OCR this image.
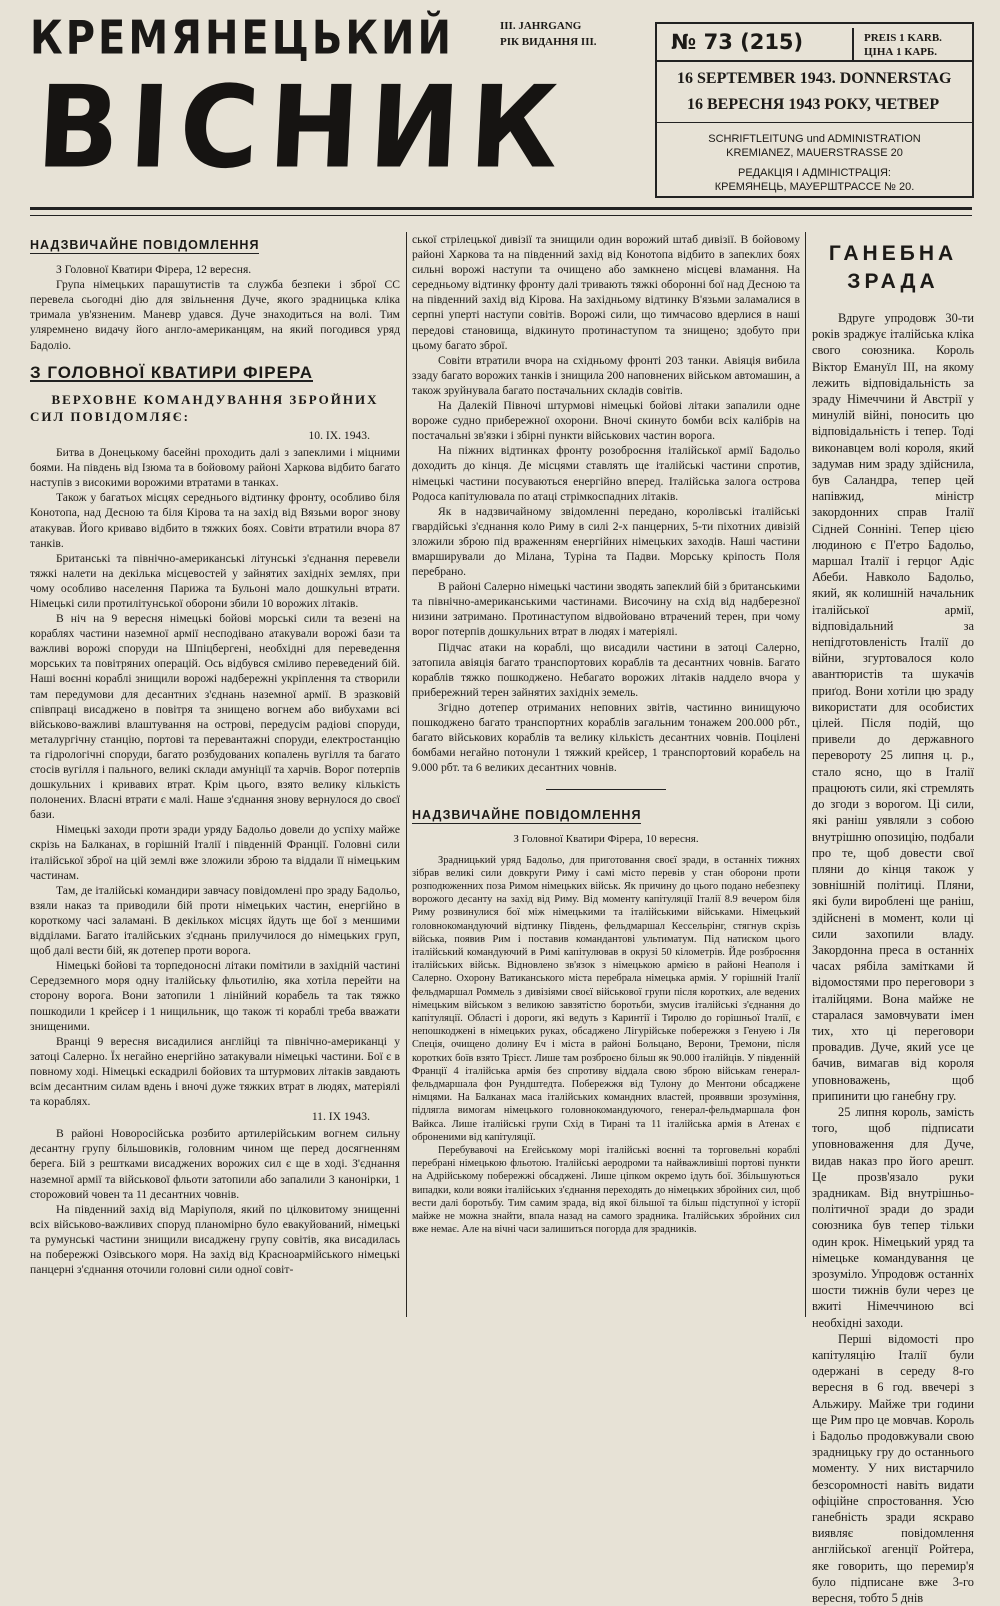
КРЕМЯНЕЦЬКИЙ
ВІСНИК
III. JAHRGANG
РІК ВИДАННЯ III.	№ 73 (215)	PREIS 1 KARB.
ЦІНА 1 КАРБ.
16 SEPTEMBER 1943. DONNERSTAG
16 ВЕРЕСНЯ 1943 РОКУ, ЧЕТВЕР
SCHRIFTLEITUNG und ADMINISTRATION
KREMIANEZ, MAUERSTRASSE 20
РЕДАКЦІЯ І АДМІНІСТРАЦІЯ:
КРЕМЯНЕЦЬ, МАУЕРШТРАССЕ № 20.
НАДЗВИЧАЙНЕ ПОВІДОМЛЕННЯ

З Головної Кватири Фірера, 12 вересня.

Група німецьких парашутистів та служба безпеки і зброї СС перевела сьогодні дію для звільнення Дуче, якого зрадницька кліка тримала ув'язненим. Маневр удався. Дуче знаходиться на волі. Тим уляремнено видачу його англо-американцям, на який погодився уряд Бадоліо.

З ГОЛОВНОЇ КВАТИРИ ФІРЕРА
ВЕРХОВНЕ КОМАНДУВАННЯ ЗБРОЙНИХ
СИЛ ПОВІДОМЛЯЄ:
10. IX. 1943.

Битва в Донецькому басейні проходить далі з запеклими і міцними боями. На південь від Ізюма та в бойовому районі Харкова відбито багато наступів з високими ворожими втратами в танках.

Також у багатьох місцях середнього відтинку фронту, особливо біля Конотопа, над Десною та біля Кірова та на захід від Вязьми ворог знову атакував. Його кривавo відбито в тяжких боях. Совіти втратили вчора 87 танків.

Британські та північно-американські літунські з'єднання перевели тяжкі налети на декілька місцевостей у зайнятих західніх землях, при чому особливо населення Парижа та Бульоні мало дошкульні втрати. Німецькі сили протилітунської оборони збили 10 ворожих літаків.

В ніч на 9 вересня німецькі бойові морські сили та везені на кораблях частини наземної армії несподівано атакували ворожі бази та важливі ворожі споруди на Шпіцбергені, необхідні для переведення морських та повітряних операцій. Ось відбувся сміливо переведений бій. Наші воєнні кораблі знищили ворожі надбережні укріплення та створили там передумови для десантних з'єднань наземної армії. В зразковій співпраці висаджено в повітря та знищено вогнем або вибухами всі військово-важливі влаштування на островi, передусім радіові споруди, металургічну станцію, портові та перевантажні споруди, електростанцію та гідрологічні споруди, багато розбудованих копалень вугілля та багато стосів вугілля і пального, великі склади амуніції та харчів. Ворог потерпів дошкульних і кривавих втрат. Крім цього, взято велику кількість полонених. Власні втрати є малі. Наше з'єднання знову вернулося до своєї бази.

Німецькі заходи проти зради уряду Бадольо довели до успіху майже скрізь на Балканах, в горішній Італії і південній Франції. Головні сили італійської зброї на цій землі вже зложили зброю та віддали її німецьким частинам.

Там, де італійські командири завчасу повідомлені про зраду Бадольо, взяли наказ та приводили бій проти німецьких частин, енергійно в короткому часі заламані. В декількох місцях йдуть ще бої з меншими відділами. Багато італійських з'єднань прилучилося до німецьких груп, щоб далі вести бій, як дотепер проти ворога.

Німецькі бойові та торпедоносні літаки помітили в західній частині Середземного моря одну італійську фльотилію, яка хотіла перейти на сторону ворога. Вони затопили 1 лінійний корабель та так тяжко пошкодили 1 крейсер і 1 нищильник, що також ті кораблі треба вважати знищеними.

Вранці 9 вересня висадилися англійці та північно-американці у затоці Салерно. Їх негайно енергійно затакували німецькі частини. Бої є в повному ході. Німецькі ескадрилі бойових та штурмових літаків завдають всім десантним силам вдень і вночі дуже тяжких втрат в людях, матеріялі та кораблях.

11. IX 1943.

В районі Новоросійська розбито артилерійським вогнем сильну десантну групу більшовиків, головним чином ще перед досягненням берега. Бій з рештками висаджених ворожих сил є ще в ході. З'єднання наземної армії та військової фльоти затопили або запалили 3 канонірки, 1 сторожовий човен та 11 десантних човнів.

На південний захід від Маріуполя, який по цілковитому знищенні всіх військово-важливих споруд планомірно було евакуйований, німецькі та румунські частини знищили висаджену групу совітів, яка висадилась на побережжі Озівського моря. На захід від Красноармійського німецькі панцерні з'єднання оточили головні сили одної совіт-

ської стрілецької дивізії та знищили один ворожий штаб дивізії. В бойовому районі Харкова та на південний захід від Конотопа відбито в запеклих боях сильні ворожі наступи та очищено або замкнено місцеві вламання. На середньому відтинку фронту далі тривають тяжкі оборонні бої над Десною та на південний захід від Кірова. На західньому відтинку В'язьми заламалися в серпні уперті наступи совітів. Ворожі сили, що тимчасово вдерлися в наші передові становища, відкинуто протинаступом та знищено; здобуто при цьому багато зброї.

Совіти втратили вчора на східньому фронті 203 танки. Авіяція вибила ззаду багато ворожих танків і знищила 200 наповнених військом автомашин, а також зруйнувала багато постачальних складів совітів.

На Далекій Півночі штурмові німецькі бойові літаки запалили одне вороже судно прибережної охорони. Вночі скинуто бомби всіх калібрів на постачальні зв'язки і збірні пункти військових частин ворога.

На піжних відтинках фронту розоброєння італійської армії Бадольо доходить до кінця. Де місцями ставлять ще італійські частини спротив, німецькі частини посуваються енергійно вперед. Італійська залога острова Родоса капітулювала по атаці стрімкоспадних літаків.

Як в надзвичайному звідомленні передано, королівські італійські гвардійські з'єднання коло Риму в силі 2-х панцерних, 5-ти піхотних дивізій зложили зброю під враженням енергійних німецьких заходів. Наші частини вмарширували до Мілана, Туріна та Падви. Морську кріпость Поля перебрано.

В районі Салерно німецькі частини зводять запеклий бій з британськими та північно-американськими частинами. Височину на схід від надберезної низини затримано. Протинаступом відвойовано втрачений терен, при чому ворог потерпів дошкульних втрат в людях і матеріялі.

Підчас атаки на кораблі, що висадили частини в затоці Салерно, затопила авіяція багато транспортових кораблів та десантних човнів. Багато кораблів тяжко пошкоджено. Небагато ворожих літаків наддело вчора у прибережний терен зайнятих західніх земель.

Згідно дотепер отриманих неповних звітів, частинно винищуючо пошкоджено багато транспортних кораблів загальним тонажем 200.000 рбт., багато військових кораблів та велику кількість десантних човнів. Поцілені бомбами негайно потонули 1 тяжкий крейсер, 1 транспортовий корабель на 9.000 рбт. та 6 великих десантних човнів.

НАДЗВИЧАЙНЕ ПОВІДОМЛЕННЯ
З Головної Кватири Фірера, 10 вересня.

Зрадницький уряд Бадольо, для приготовання своєї зради, в останніх тижнях зібрав великі сили довкруги Риму і самі місто перевів у стан оборони проти розподюженних поза Римом німецьких військ. Як причину до цього подано небезпеку ворожого десанту на захід від Риму. Від моменту капітуляції Італії 8.9 вечером біля Риму розвинулися бої між німецькими та італійськими військами. Німецький головнокомандуючий відтинку Південь, фельдмаршал Кессельрінг, стягнув скрізь війська, появив Рим і поставив командантові ультиматум. Під натиском цього італійський командуючий в Римі капітулював в окрузі 50 кілометрів. Йде розброєння італійських військ. Відновлено зв'язок з німецькою армією в районі Неаполя і Салерно. Охорону Ватиканського міста перебрала німецька армія. У горішній Італії фельдмаршал Роммель з дивізіями своєї військової групи після коротких, але ведених німецьким військом з великою завзятістю боротьби, змусив італійські з'єднання до капітуляції. Області і дороги, які ведуть з Каринтії і Тиролю до горішньої Італії, є непошкоджені в німецьких руках, обсаджено Лігурійське побережжя з Генуею і Ля Спеція, очищено долину Еч і міста в районі Больцано, Верони, Тремони, після коротких боїв взято Трієст. Лише там розброєно більш як 90.000 італійців. У південній Франції 4 італійська армія без спротиву віддала свою зброю військам генерал-фельдмаршала фон Рундштедта. Побережжя від Тулону до Ментони обсаджене німцями. На Балканах маса італійських командних властей, прояввши зрозуміння, підлягла вимогам німецького головнокомандуючого, генерал-фельдмаршала фон Вайкса. Лише італійські групи Схід в Тирані та 11 італійська армія в Атенах є оброненими від капітуляції.

Перебувавочі на Егейському морі італійські воєнні та торговельні кораблі перебрані німецькою фльотою. Італійські аеродроми та найважливіші портові пункти на Адрійському побережжі обсаджені. Лише ціпком окремо ідуть бої. Збільшуються випадки, коли вояки італійських з'єднання переходять до німецьких збройних сил, щоб вести далі боротьбу. Тим самим зрада, від якої більшої та більш підступної у історії майже не можна знайти, впала назад на самого зрадника. Італійських збройних сил вже немає. Але на вічні часи залишиться погорда для зрадників.

ГАНЕБНА
ЗРАДА

Вдруге упродовж 30-ти років зраджує італійська кліка свого союзника. Король Віктор Емануїл III, на якому лежить відповідальність за зраду Німеччини й Австрії у минулій війні, поносить цю відповідальність і тепер. Тоді виконавцем волі короля, який задумав ним зраду здійснила, був Саландра, тепер цей напівжид, міністр закордонних справ Італії Сідней Сонніні. Тепер цією людиною є П'етро Бадольо, маршал Італії і герцог Адіс Абеби. Навколо Бадольо, який, як колишній начальник італійської армії, відповідальний за непідготовленість Італії до війни, згуртовалося коло авантюристів та шукачів приґод. Вони хотіли цю зраду використати для особистих цілей. Після подій, що привели до державного перевороту 25 липня ц. р., стало ясно, що в Італії працюють сили, які стремлять до згоди з ворогом. Ці сили, які раніш уявляли з собою внутрішню опозицію, подбали про те, щоб довести свої пляни до кінця також у зовнішній політиці. Пляни, які були вироблені ще раніш, здійснені в момент, коли ці сили захопили владу. Закордонна преса в останніх часах рябіла замітками й відомостями про переговори з італійцями. Вона майже не старалася замовчувати імен тих, хто ці переговори провадив. Дуче, який усе це бачив, вимагав від короля уповноважень, щоб припинити цю ганебну гру.

25 липня король, замість того, щоб підписати уповноваження для Дуче, видав наказ про його арешт. Це прозв'язало руки зрадникам. Від внутрішньо-політичної зради до зради союзника був тепер тільки один крок. Німецький уряд та німецьке командування це зрозуміло. Упродовж останніх шости тижнів були через це вжиті Німеччиною всі необхідні заходи.

Перші відомості про капітуляцію Італії були одержані в середу 8-го вересня в 6 год. ввечері з Альжиру. Майже три години ще Рим про це мовчав. Король і Бадольо продовжували свою зрадницьку гру до останнього моменту. У них вистарчило безсоромності навіть видати офіційне спростовання. Усю ганебність зради яскраво виявляє повідомлення англійської агенції Ройтера, яке говорить, що перемир'я було підписане вже 3-го вересня, тобто 5 днів
